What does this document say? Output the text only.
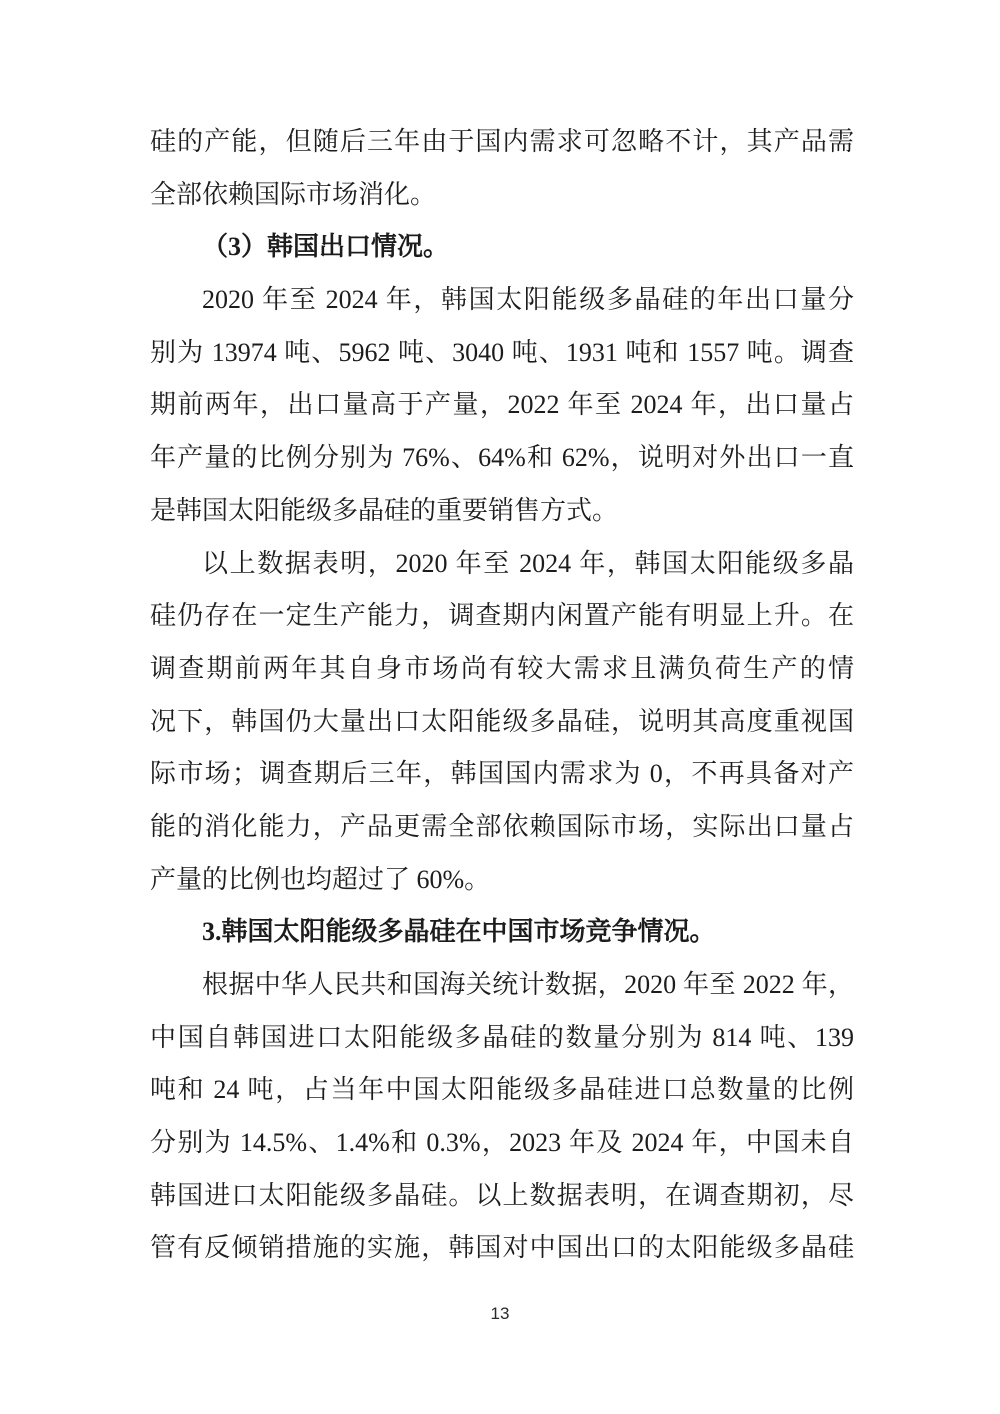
硅的产能，但随后三年由于国内需求可忽略不计，其产品需
全部依赖国际市场消化。
（3）韩国出口情况。
2020 年至 2024 年，韩国太阳能级多晶硅的年出口量分
别为 13974 吨、5962 吨、3040 吨、1931 吨和 1557 吨。调查
期前两年，出口量高于产量，2022 年至 2024 年，出口量占
年产量的比例分别为 76%、64%和 62%，说明对外出口一直
是韩国太阳能级多晶硅的重要销售方式。
以上数据表明，2020 年至 2024 年，韩国太阳能级多晶
硅仍存在一定生产能力，调查期内闲置产能有明显上升。在
调查期前两年其自身市场尚有较大需求且满负荷生产的情
况下，韩国仍大量出口太阳能级多晶硅，说明其高度重视国
际市场；调查期后三年，韩国国内需求为 0，不再具备对产
能的消化能力，产品更需全部依赖国际市场，实际出口量占
产量的比例也均超过了 60%。
3.韩国太阳能级多晶硅在中国市场竞争情况。
根据中华人民共和国海关统计数据，2020 年至 2022 年，
中国自韩国进口太阳能级多晶硅的数量分别为 814 吨、139
吨和 24 吨，占当年中国太阳能级多晶硅进口总数量的比例
分别为 14.5%、1.4%和 0.3%，2023 年及 2024 年，中国未自
韩国进口太阳能级多晶硅。以上数据表明，在调查期初，尽
管有反倾销措施的实施，韩国对中国出口的太阳能级多晶硅
13
